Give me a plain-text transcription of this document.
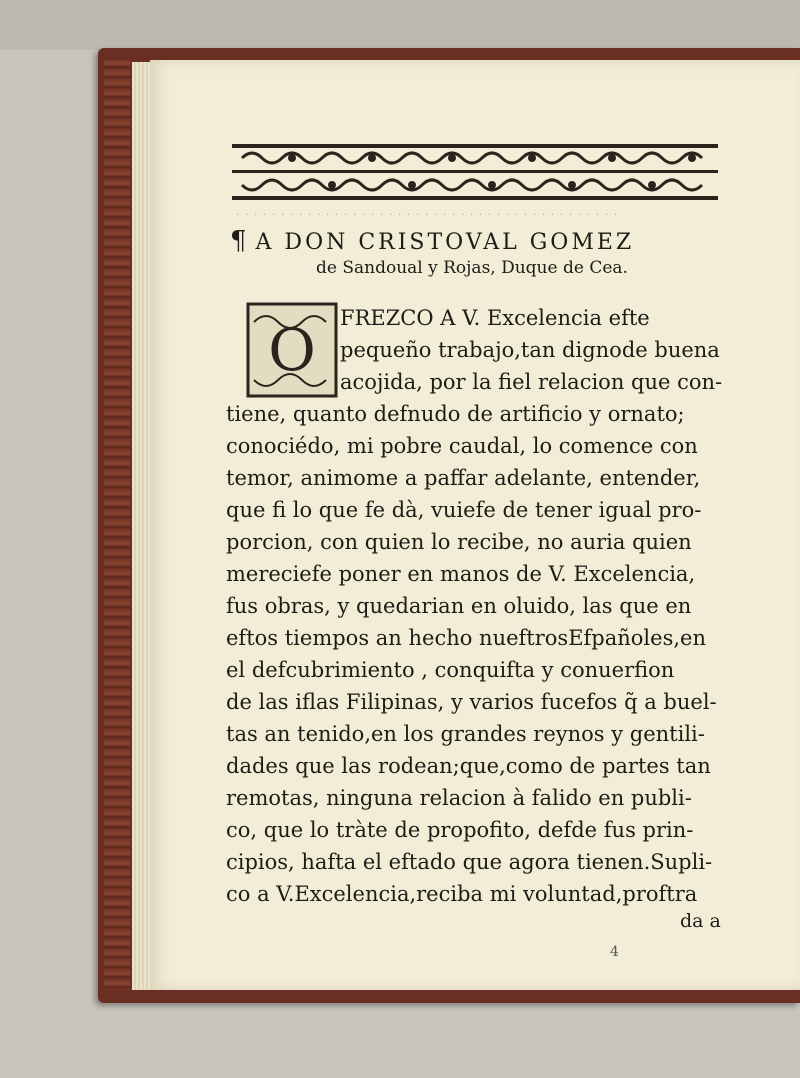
· · · · · · · · · · · · · · · · · · · · · · · · · · · · · · · · · · · · · · · · · · ·
¶ A DON CRISTOVAL GOMEZ
de Sandoual y Rojas, Duque de Cea.
O FREZCO A V. Excelencia efte
pequeño trabajo,tan dignode buena
acojida, por la fiel relacion que con-
tiene, quanto defnudo de artificio y ornato;
conociédo, mi pobre caudal, lo comence con
temor, animome a paffar adelante, entender,
que fi lo que fe dà, vuiefe de tener igual pro-
porcion, con quien lo recibe, no auria quien
mereciefe poner en manos de V. Excelencia,
fus obras, y quedarian en oluido, las que en
eftos tiempos an hecho nueftrosEfpañoles,en
el defcubrimiento , conquifta y conuerfion
de las iflas Filipinas, y varios fucefos q̃ a buel-
tas an tenido,en los grandes reynos y gentili-
dades que las rodean;que,como de partes tan
remotas, ninguna relacion à falido en publi-
co, que lo tràte de propofito, defde fus prin-
cipios, hafta el eftado que agora tienen.Supli-
co a V.Excelencia,reciba mi voluntad,proftra
da a
4
